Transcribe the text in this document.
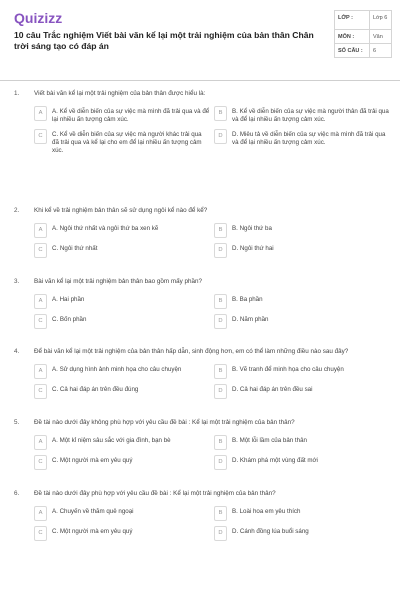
Quizizz
10 câu Trắc nghiệm Viết bài văn kể lại một trải nghiệm của bản thân Chân trời sáng tạo có đáp án
LỚP :	Lớp 6
MÔN :	Văn
SỐ CÂU :	6
1. Viết bài văn kể lại một trải nghiệm của bản thân được hiểu là:
A	A. Kể về diễn biến của sự việc mà mình đã trải qua và để lại nhiều ấn tượng cảm xúc.
B	B. Kể về diễn biến của sự việc mà người thân đã trải qua và để lại nhiều ấn tượng cảm xúc.
C	C. Kể về diễn biến của sự việc mà người khác trải qua đã trải qua và kể lại cho em để lại nhiều ấn tượng cảm xúc.
D	D. Miêu tả về diễn biến của sự việc mà mình đã trải qua và để lại nhiều ấn tượng cảm xúc.
2. Khi kể về trải nghiệm bản thân sẽ sử dụng ngôi kể nào để kể?
A	A. Ngôi thứ nhất và ngôi thứ ba xen kẽ	B	B. Ngôi thứ ba
C	C. Ngôi thứ nhất	D	D. Ngôi thứ hai
3. Bài văn kể lại một trải nghiệm bản thân bao gồm mấy phần?
A	A. Hai phần	B	B. Ba phần
C	C. Bốn phần	D	D. Năm phần
4. Để bài văn kể lại một trải nghiệm của bản thân hấp dẫn, sinh động hơn, em có thể làm những điều nào sau đây?
A	A. Sử dụng hình ảnh minh họa cho câu chuyện	B	B. Vẽ tranh để minh họa cho câu chuyện
C	C. Cả hai đáp án trên đều đúng	D	D. Cả hai đáp án trên đều sai
5. Đề tài nào dưới đây không phù hợp với yêu cầu đề bài : Kể lại một trải nghiệm của bản thân?
A	A. Một kỉ niệm sâu sắc với gia đình, bạn bè	B	B. Một lỗi lầm của bản thân
C	C. Một người mà em yêu quý	D	D. Khám phá một vùng đất mới
6. Đề tài nào dưới đây phù hợp với yêu cầu đề bài : Kể lại một trải nghiệm của bản thân?
A	A. Chuyến về thăm quê ngoại	B	B. Loài hoa em yêu thích
C	C. Một người mà em yêu quý	D	D. Cánh đồng lúa buổi sáng
